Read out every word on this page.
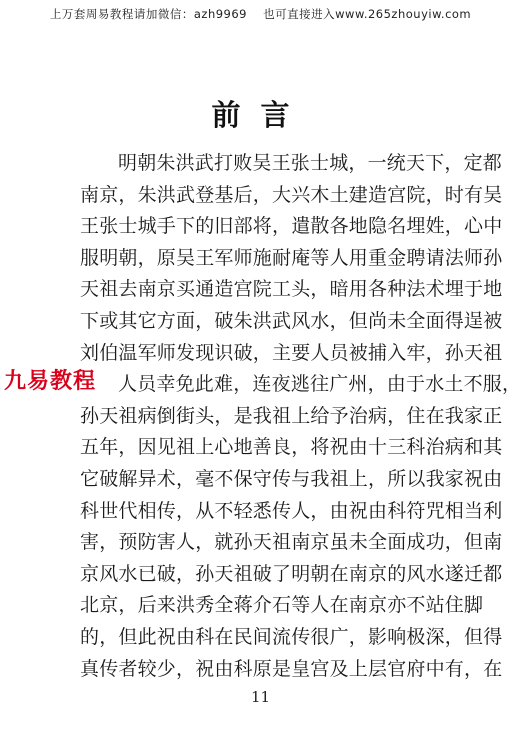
上万套周易教程请加微信：azh9969 也可直接进入www.265zhouyiw.com
前言
明朝朱洪武打败吴王张士城，一统天下，定都
南京，朱洪武登基后，大兴木土建造宫院，时有吴
王张士城手下的旧部将，遣散各地隐名埋姓，心中
服明朝，原吴王军师施耐庵等人用重金聘请法师孙
天祖去南京买通造宫院工头，暗用各种法术埋于地
下或其它方面，破朱洪武风水，但尚未全面得逞被
刘伯温军师发现识破，主要人员被捕入牢，孙天祖
人员幸免此难，连夜逃往广州，由于水土不服，
孙天祖病倒街头，是我祖上给予治病，住在我家正
五年，因见祖上心地善良，将祝由十三科治病和其
它破解异术，毫不保守传与我祖上，所以我家祝由
科世代相传，从不轻悉传人，由祝由科符咒相当利
害，预防害人，就孙天祖南京虽未全面成功，但南
京风水已破，孙天祖破了明朝在南京的风水遂迁都
北京，后来洪秀全蒋介石等人在南京亦不站住脚
的，但此祝由科在民间流传很广，影响极深，但得
真传者较少，祝由科原是皇宫及上层官府中有，在
九易教程
11
